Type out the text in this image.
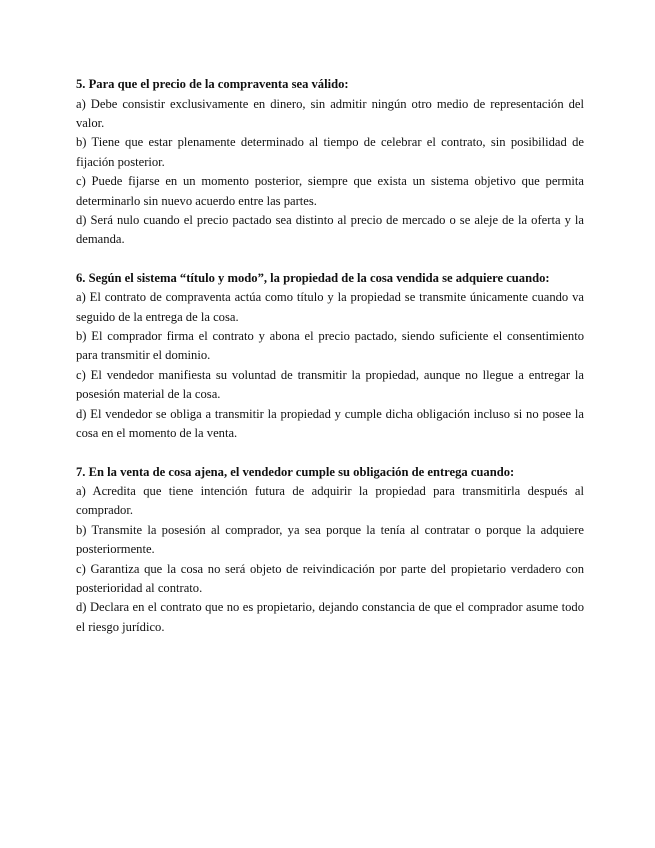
5. Para que el precio de la compraventa sea válido:

a) Debe consistir exclusivamente en dinero, sin admitir ningún otro medio de representación del valor.

b) Tiene que estar plenamente determinado al tiempo de celebrar el contrato, sin posibilidad de fijación posterior.

c) Puede fijarse en un momento posterior, siempre que exista un sistema objetivo que permita determinarlo sin nuevo acuerdo entre las partes.

d) Será nulo cuando el precio pactado sea distinto al precio de mercado o se aleje de la oferta y la demanda.

6. Según el sistema “título y modo”, la propiedad de la cosa vendida se adquiere cuando:

a) El contrato de compraventa actúa como título y la propiedad se transmite únicamente cuando va seguido de la entrega de la cosa.

b) El comprador firma el contrato y abona el precio pactado, siendo suficiente el consentimiento para transmitir el dominio.

c) El vendedor manifiesta su voluntad de transmitir la propiedad, aunque no llegue a entregar la posesión material de la cosa.

d) El vendedor se obliga a transmitir la propiedad y cumple dicha obligación incluso si no posee la cosa en el momento de la venta.

7. En la venta de cosa ajena, el vendedor cumple su obligación de entrega cuando:

a) Acredita que tiene intención futura de adquirir la propiedad para transmitirla después al comprador.

b) Transmite la posesión al comprador, ya sea porque la tenía al contratar o porque la adquiere posteriormente.

c) Garantiza que la cosa no será objeto de reivindicación por parte del propietario verdadero con posterioridad al contrato.

d) Declara en el contrato que no es propietario, dejando constancia de que el comprador asume todo el riesgo jurídico.
